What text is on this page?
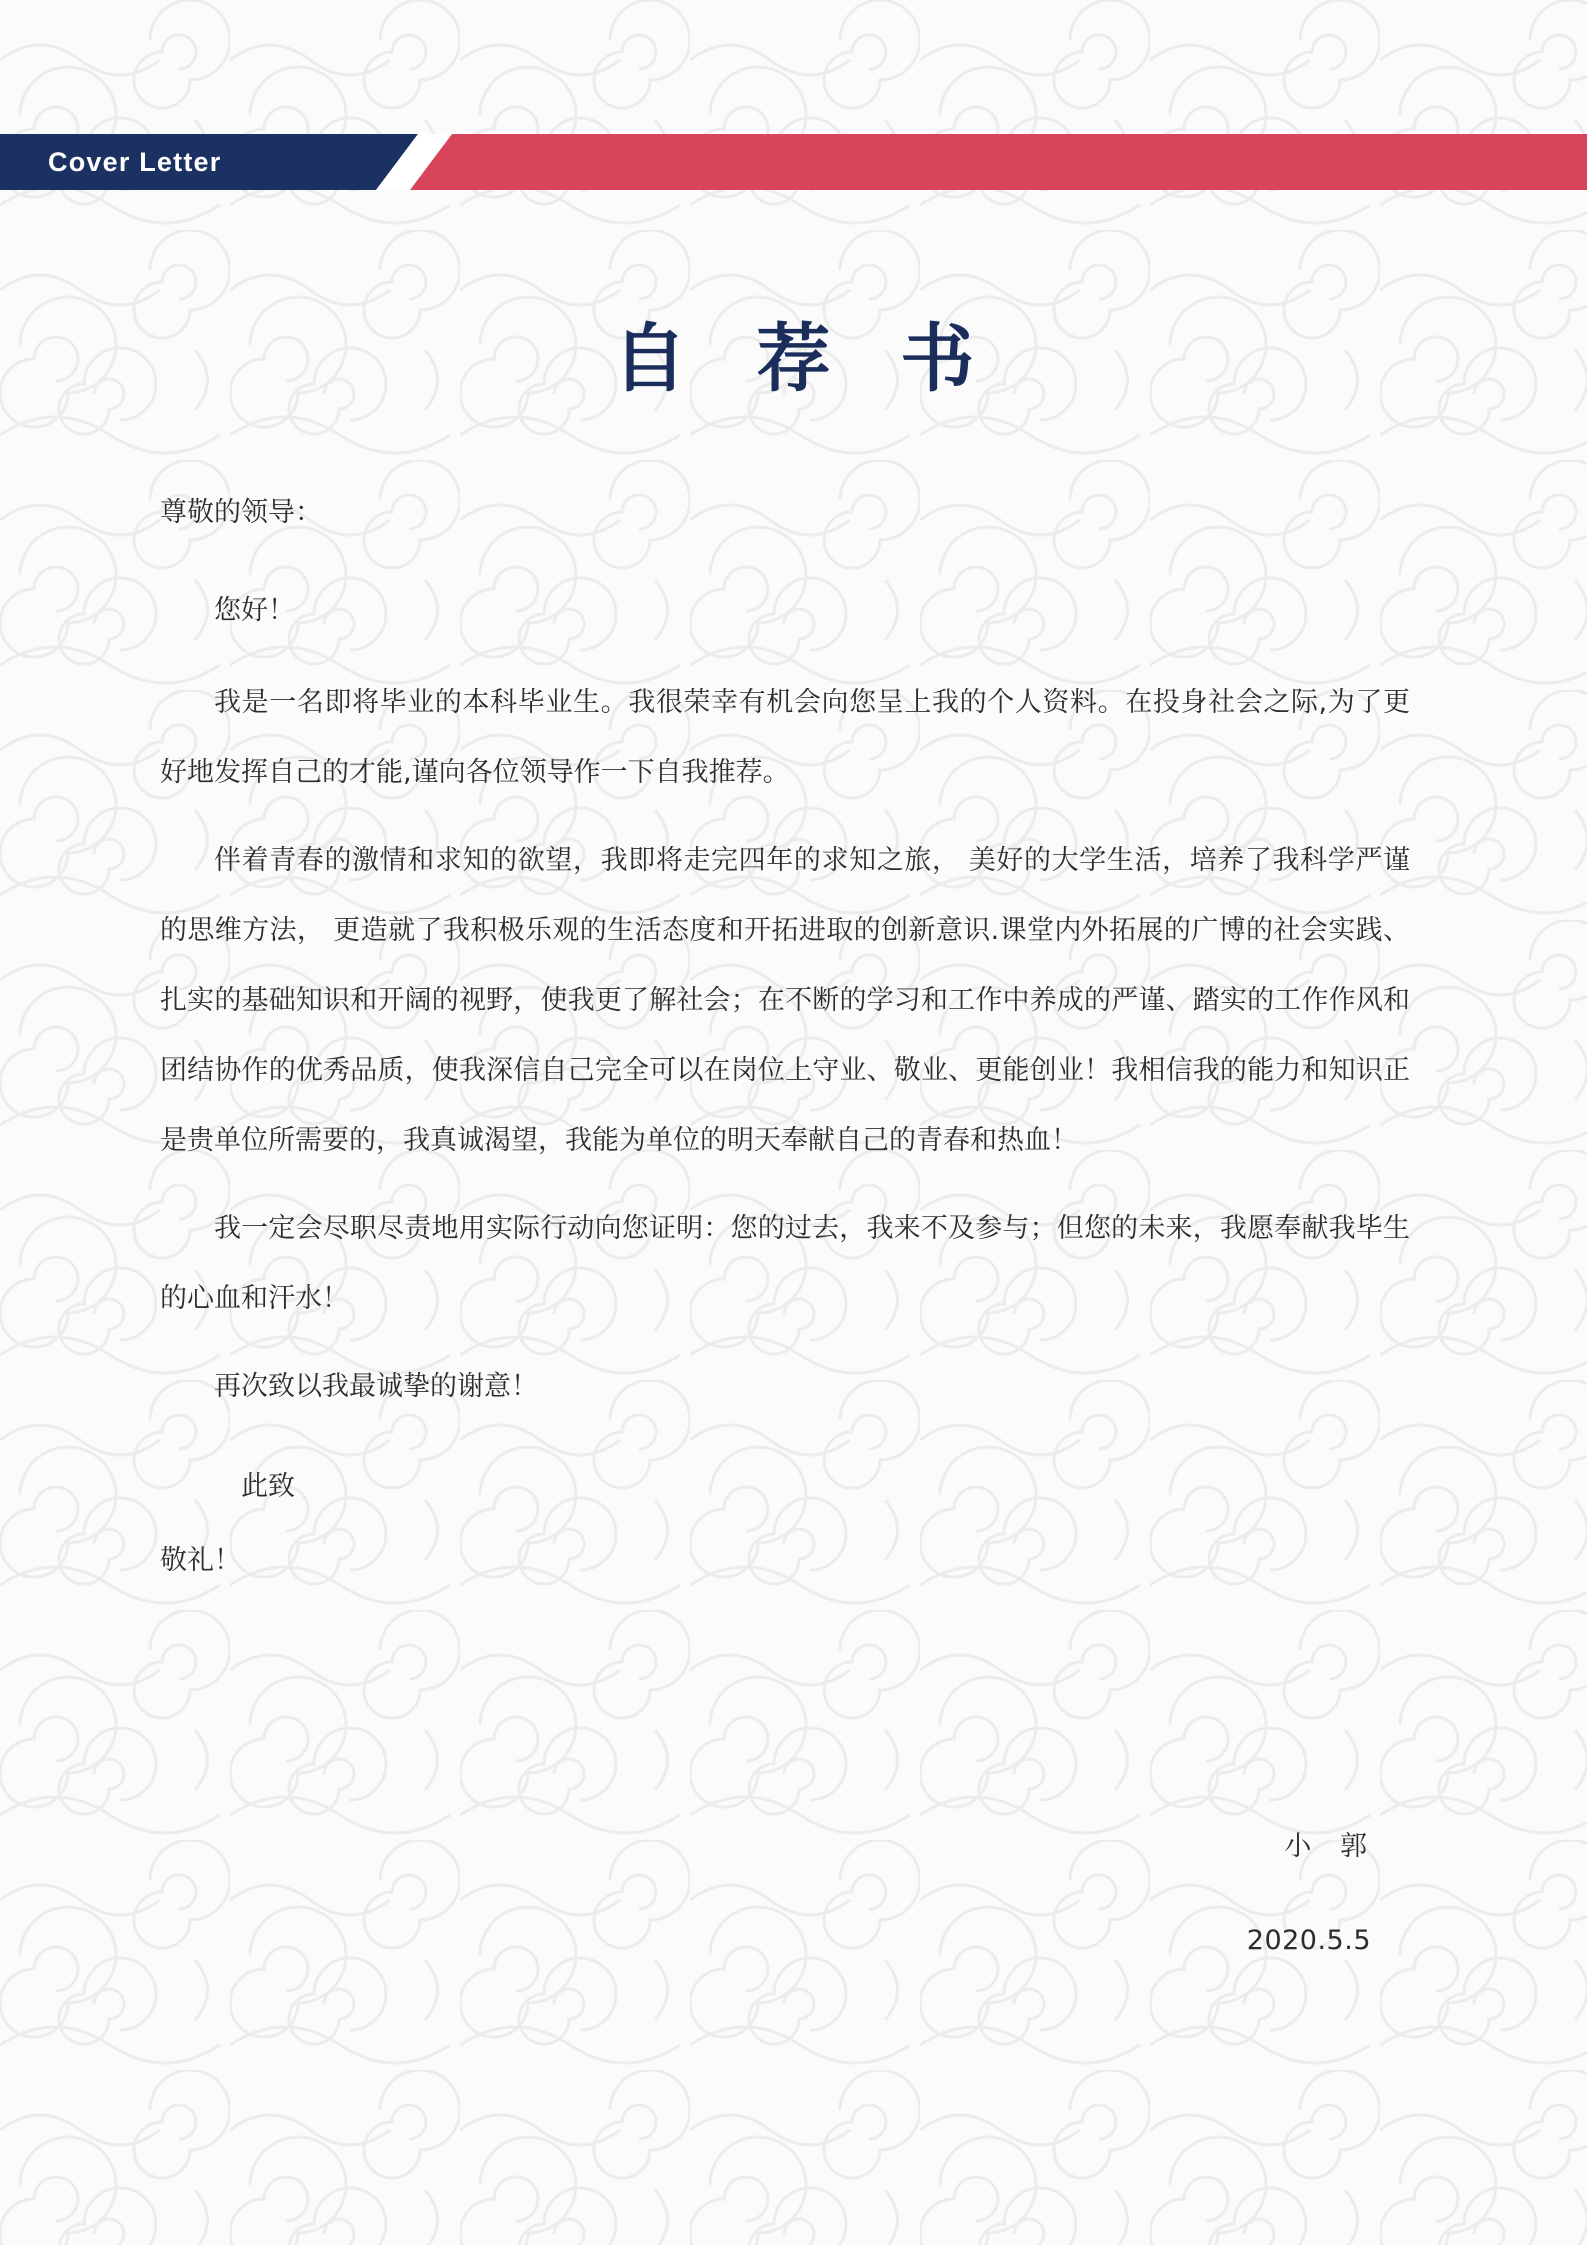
Cover Letter
自 荐 书

尊敬的领导：

您好！

我是一名即将毕业的本科毕业生。我很荣幸有机会向您呈上我的个人资料。在投身社会之际,为了更好地发挥自己的才能,谨向各位领导作一下自我推荐。

伴着青春的激情和求知的欲望，我即将走完四年的求知之旅， 美好的大学生活，培养了我科学严谨的思维方法， 更造就了我积极乐观的生活态度和开拓进取的创新意识.课堂内外拓展的广博的社会实践、扎实的基础知识和开阔的视野，使我更了解社会；在不断的学习和工作中养成的严谨、踏实的工作作风和团结协作的优秀品质，使我深信自己完全可以在岗位上守业、敬业、更能创业！我相信我的能力和知识正是贵单位所需要的，我真诚渴望，我能为单位的明天奉献自己的青春和热血！

我一定会尽职尽责地用实际行动向您证明：您的过去，我来不及参与；但您的未来，我愿奉献我毕生的心血和汗水！

再次致以我最诚挚的谢意！

此致

敬礼！

小 郭
2020.5.5
